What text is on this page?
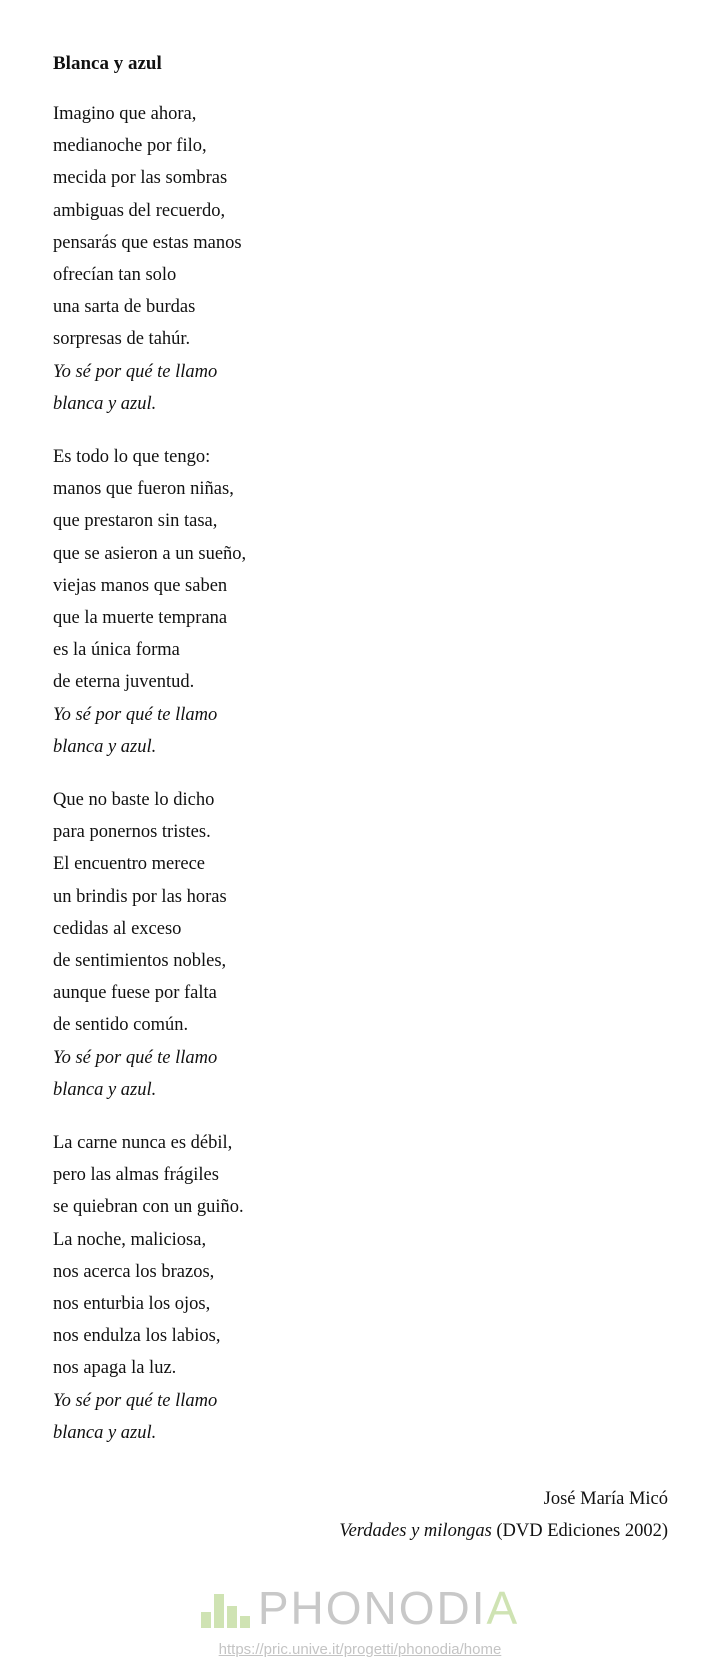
Blanca y azul
Imagino que ahora,
medianoche por filo,
mecida por las sombras
ambiguas del recuerdo,
pensarás que estas manos
ofrecían tan solo
una sarta de burdas
sorpresas de tahúr.
Yo sé por qué te llamo
blanca y azul.
Es todo lo que tengo:
manos que fueron niñas,
que prestaron sin tasa,
que se asieron a un sueño,
viejas manos que saben
que la muerte temprana
es la única forma
de eterna juventud.
Yo sé por qué te llamo
blanca y azul.
Que no baste lo dicho
para ponernos tristes.
El encuentro merece
un brindis por las horas
cedidas al exceso
de sentimientos nobles,
aunque fuese por falta
de sentido común.
Yo sé por qué te llamo
blanca y azul.
La carne nunca es débil,
pero las almas frágiles
se quiebran con un guiño.
La noche, maliciosa,
nos acerca los brazos,
nos enturbia los ojos,
nos endulza los labios,
nos apaga la luz.
Yo sé por qué te llamo
blanca y azul.
José María Micó
Verdades y milongas (DVD Ediciones 2002)
PHONODIA
https://pric.unive.it/progetti/phonodia/home
